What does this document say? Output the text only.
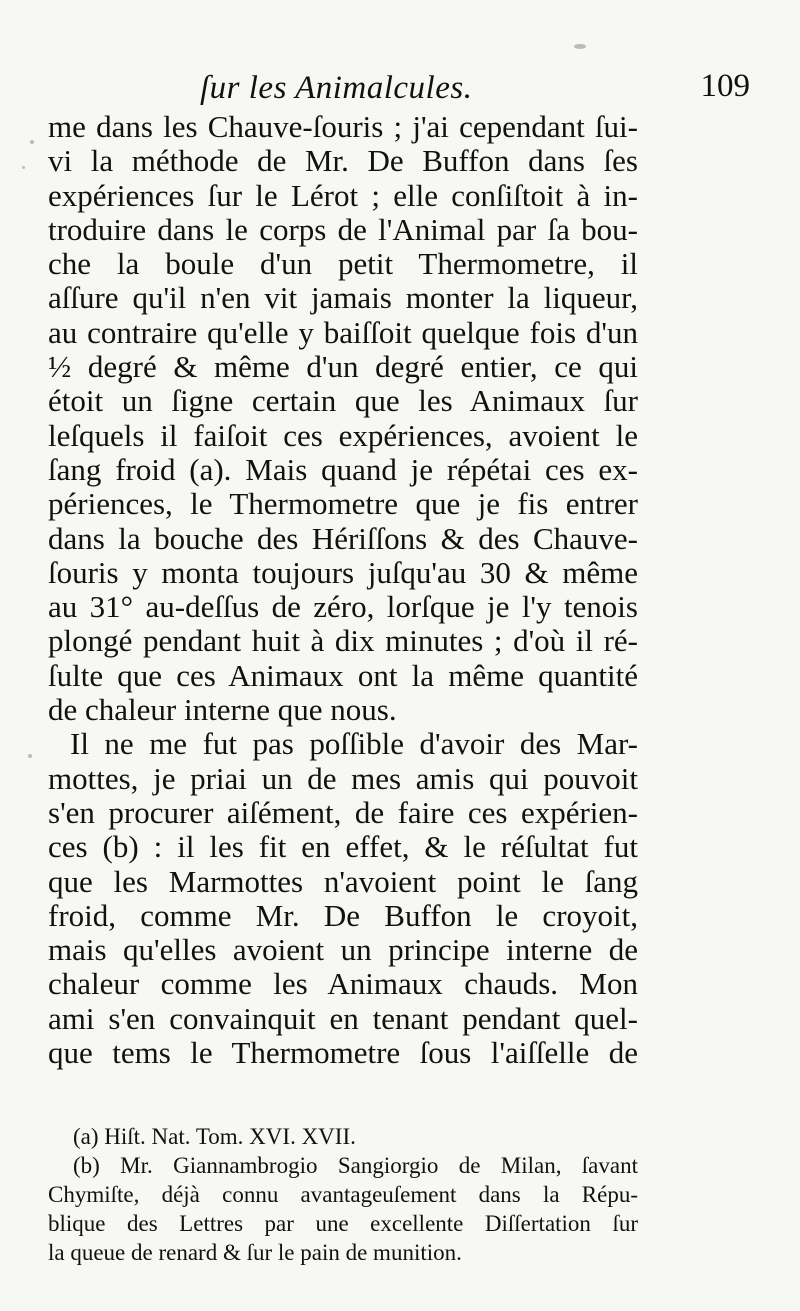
ſur les Animalcules.	109
me dans les Chauve-ſouris ; j'ai cependant ſui-
vi la méthode de Mr. De Buffon dans ſes
expériences ſur le Lérot ; elle conſiſtoit à in-
troduire dans le corps de l'Animal par ſa bou-
che la boule d'un petit Thermometre, il
aſſure qu'il n'en vit jamais monter la liqueur,
au contraire qu'elle y baiſſoit quelque fois d'un
½ degré & même d'un degré entier, ce qui
étoit un ſigne certain que les Animaux ſur
leſquels il faiſoit ces expériences, avoient le
ſang froid (a). Mais quand je répétai ces ex-
périences, le Thermometre que je fis entrer
dans la bouche des Hériſſons & des Chauve-
ſouris y monta toujours juſqu'au 30 & même
au 31° au-deſſus de zéro, lorſque je l'y tenois
plongé pendant huit à dix minutes ; d'où il ré-
ſulte que ces Animaux ont la même quantité
de chaleur interne que nous.
Il ne me fut pas poſſible d'avoir des Mar-
mottes, je priai un de mes amis qui pouvoit
s'en procurer aiſément, de faire ces expérien-
ces (b) : il les fit en effet, & le réſultat fut
que les Marmottes n'avoient point le ſang
froid, comme Mr. De Buffon le croyoit,
mais qu'elles avoient un principe interne de
chaleur comme les Animaux chauds. Mon
ami s'en convainquit en tenant pendant quel-
que tems le Thermometre ſous l'aiſſelle de
(a) Hiſt. Nat. Tom. XVI. XVII.
(b) Mr. Giannambrogio Sangiorgio de Milan, ſavant
Chymiſte, déjà connu avantageuſement dans la Répu-
blique des Lettres par une excellente Diſſertation ſur
la queue de renard & ſur le pain de munition.
